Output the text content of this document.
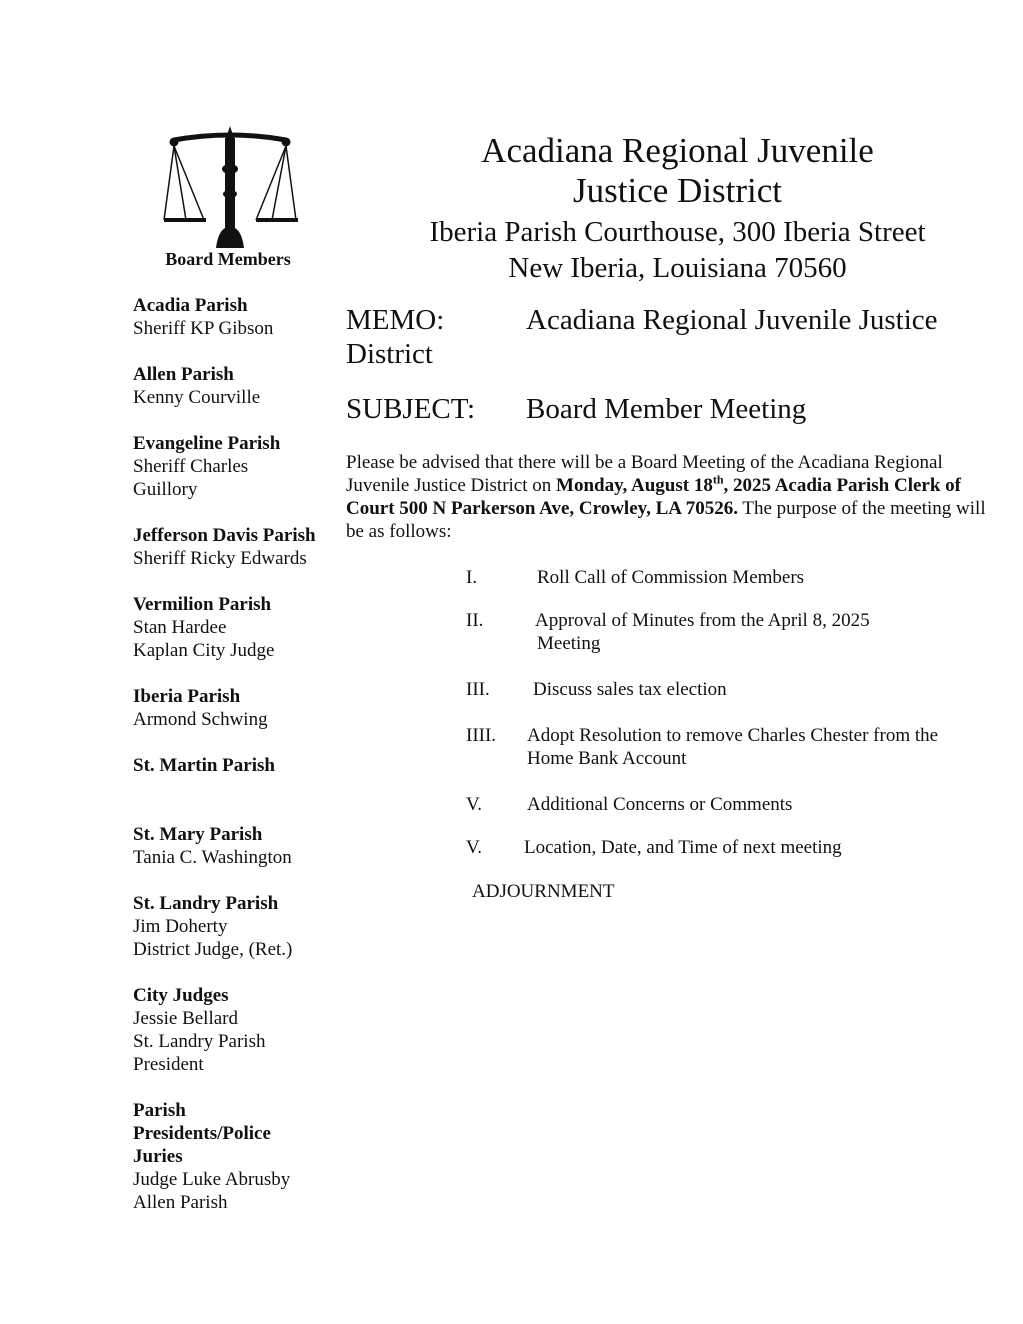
Board Members
Acadia Parish
Sheriff KP Gibson
Allen Parish
Kenny Courville
Evangeline Parish
Sheriff Charles
Guillory
Jefferson Davis Parish
Sheriff Ricky Edwards
Vermilion Parish
Stan Hardee
Kaplan City Judge
Iberia Parish
Armond Schwing
St. Martin Parish
St. Mary Parish
Tania C. Washington
St. Landry Parish
Jim Doherty
District Judge, (Ret.)
City Judges
Jessie Bellard
St. Landry Parish
President
Parish
Presidents/Police
Juries
Judge Luke Abrusby
Allen Parish
Acadiana Regional Juvenile
Justice District
Iberia Parish Courthouse, 300 Iberia Street
New Iberia, Louisiana 70560
MEMO:	Acadiana Regional Juvenile Justice
District
SUBJECT: Board Member Meeting
Please be advised that there will be a Board Meeting of the Acadiana Regional Juvenile Justice District on Monday, August 18th, 2025 Acadia Parish Clerk of Court 500 N Parkerson Ave, Crowley, LA 70526. The purpose of the meeting will be as follows:
I.	Roll Call of Commission Members
II.	Approval of Minutes from the April 8, 2025
Meeting
III. Discuss sales tax election
IIII. Adopt Resolution to remove Charles Chester from the
Home Bank Account
V. Additional Concerns or Comments
V. Location, Date, and Time of next meeting
ADJOURNMENT
